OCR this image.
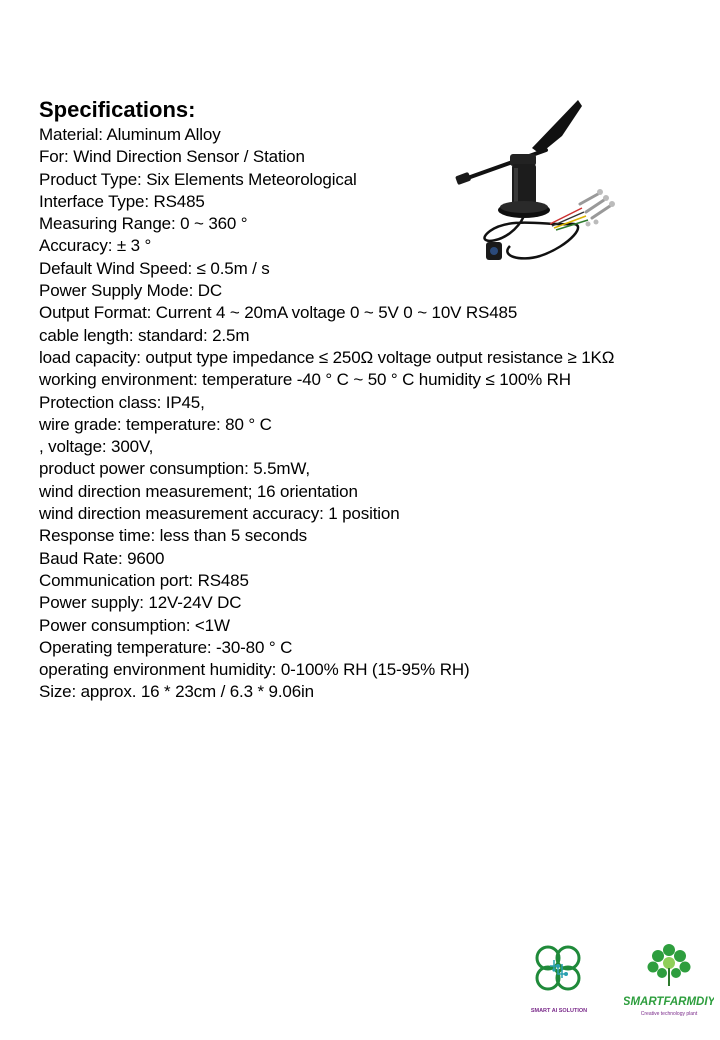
Specifications:
Material: Aluminum Alloy
For: Wind Direction Sensor / Station
Product Type: Six Elements Meteorological
Interface Type: RS485
Measuring Range: 0 ~ 360 °
Accuracy: ± 3 °
Default Wind Speed: ≤ 0.5m / s
Power Supply Mode: DC
Output Format: Current 4 ~ 20mA voltage 0 ~ 5V 0 ~ 10V RS485
cable length: standard: 2.5m
load capacity: output type impedance ≤ 250Ω voltage output resistance ≥ 1KΩ
working environment: temperature -40 ° C ~ 50 ° C humidity ≤ 100% RH
Protection class: IP45,
wire grade: temperature: 80 ° C
, voltage: 300V,
product power consumption: 5.5mW,
wind direction measurement; 16 orientation
wind direction measurement accuracy: 1 position
Response time: less than 5 seconds
Baud Rate: 9600
Communication port: RS485
Power supply: 12V-24V DC
Power consumption: <1W
Operating temperature: -30-80 ° C
operating environment humidity: 0-100% RH (15-95% RH)
Size: approx. 16 * 23cm / 6.3 * 9.06in

SMART AI SOLUTION

SMARTFARMDIY
Creative technology plant
